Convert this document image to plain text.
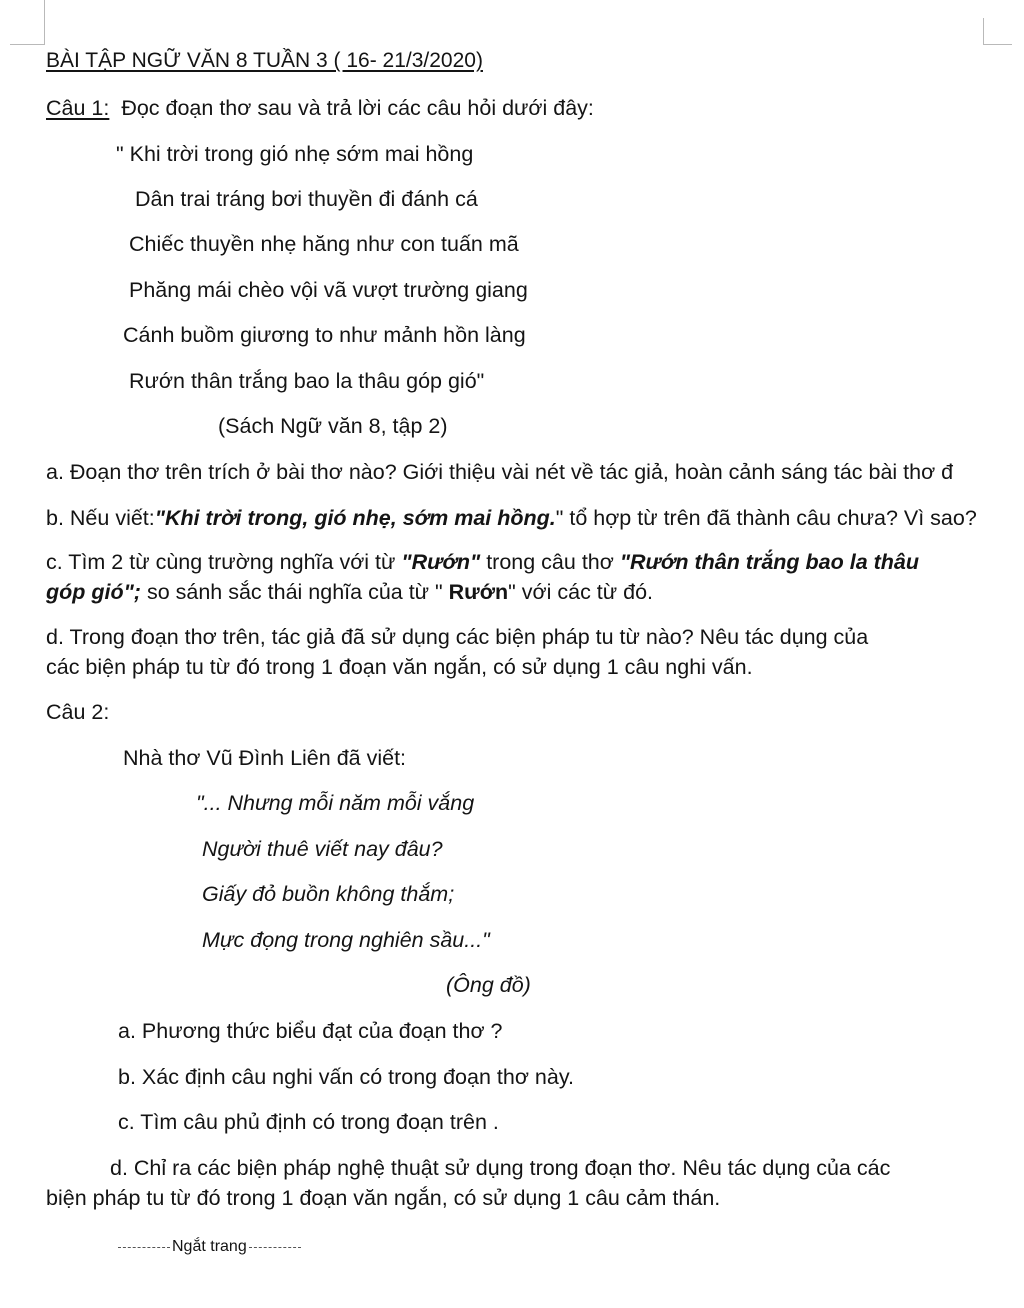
BÀI TẬP NGỮ VĂN 8 TUẦN 3 ( 16- 21/3/2020)
Câu 1: Đọc đoạn thơ sau và trả lời các câu hỏi dưới đây:
" Khi trời trong gió nhẹ sớm mai hồng
Dân trai tráng bơi thuyền đi đánh cá
Chiếc thuyền nhẹ hăng như con tuấn mã
Phăng mái chèo vội vã vượt trường giang
Cánh buồm giương to như mảnh hồn làng
Rướn thân trắng bao la thâu góp gió"
(Sách Ngữ văn 8, tập 2)
a. Đoạn thơ trên trích ở bài thơ nào? Giới thiệu vài nét về tác giả, hoàn cảnh sáng tác bài thơ đ
b. Nếu viết:"Khi trời trong, gió nhẹ, sớm mai hồng." tổ hợp từ trên đã thành câu chưa? Vì sao?
c. Tìm 2 từ cùng trường nghĩa với từ "Rướn" trong câu thơ "Rướn thân trắng bao la thâu
góp gió"; so sánh sắc thái nghĩa của từ " Rướn" với các từ đó.
d. Trong đoạn thơ trên, tác giả đã sử dụng các biện pháp tu từ nào? Nêu tác dụng của
các biện pháp tu từ đó trong 1 đoạn văn ngắn, có sử dụng 1 câu nghi vấn.
Câu 2:
Nhà thơ Vũ Đình Liên đã viết:
"... Nhưng mỗi năm mỗi vắng
Người thuê viết nay đâu?
Giấy đỏ buồn không thắm;
Mực đọng trong nghiên sầu..."
(Ông đồ)
a. Phương thức biểu đạt của đoạn thơ ?
b. Xác định câu nghi vấn có trong đoạn thơ này.
c. Tìm câu phủ định có trong đoạn trên .
d. Chỉ ra các biện pháp nghệ thuật sử dụng trong đoạn thơ. Nêu tác dụng của các
biện pháp tu từ đó trong 1 đoạn văn ngắn, có sử dụng 1 câu cảm thán.
Ngắt trang
